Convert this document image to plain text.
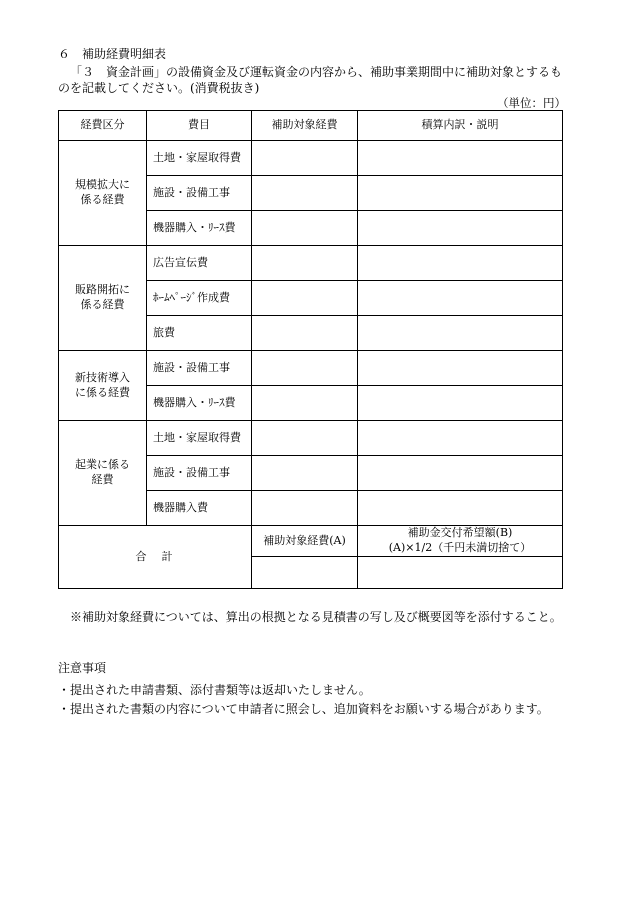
６　補助経費明細表
「３　資金計画」の設備資金及び運転資金の内容から、補助事業期間中に補助対象とするも
のを記載してください。(消費税抜き)
（単位：円）
経費区分	費目	補助対象経費	積算内訳・説明
規模拡大に
係る経費	土地・家屋取得費		
	施設・設備工事		
	機器購入・ﾘｰｽ費		
販路開拓に
係る経費	広告宣伝費		
	ﾎｰﾑﾍﾟｰｼﾞ作成費		
	旅費		
新技術導入
に係る経費	施設・設備工事		
	機器購入・ﾘｰｽ費		
起業に係る
経費	土地・家屋取得費		
	施設・設備工事		
	機器購入費		
合　計		補助対象経費(A)	補助金交付希望額(B)
(A)×1/2（千円未満切捨て）

※補助対象経費については、算出の根拠となる見積書の写し及び概要図等を添付すること。
注意事項
・提出された申請書類、添付書類等は返却いたしません。
・提出された書類の内容について申請者に照会し、追加資料をお願いする場合があります。
